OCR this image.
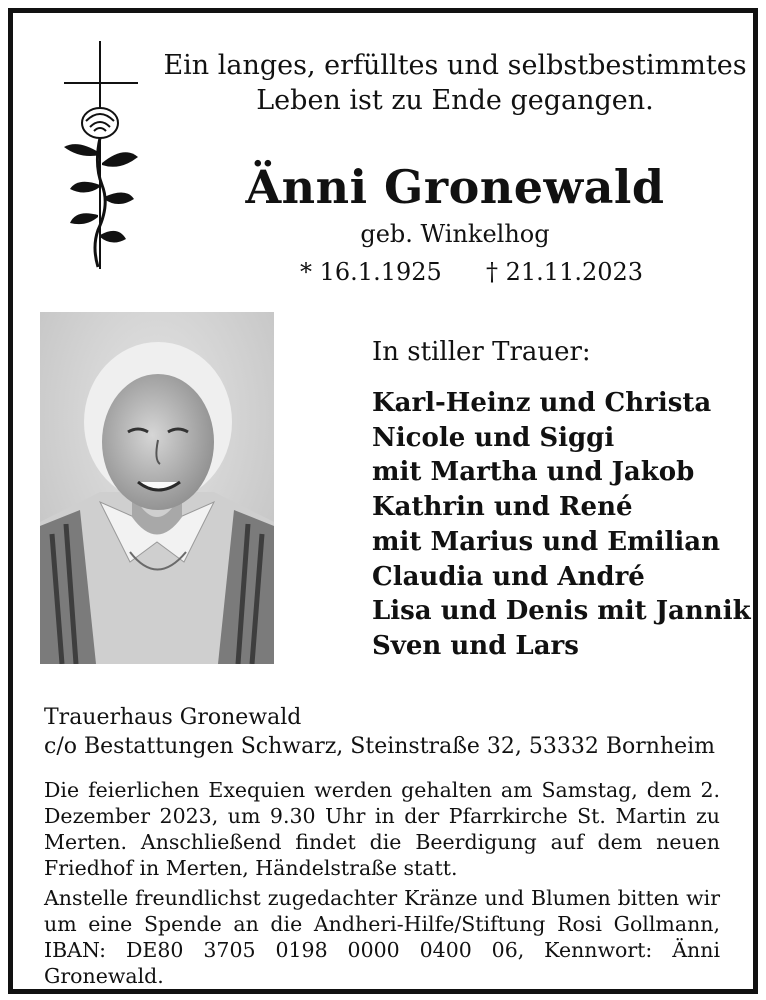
Ein langes, erfülltes und selbstbestimmtes
Leben ist zu Ende gegangen.
Änni Gronewald
geb. Winkelhog
* 16.1.1925 † 21.11.2023
In stiller Trauer:
Karl-Heinz und Christa
Nicole und Siggi
mit Martha und Jakob
Kathrin und René
mit Marius und Emilian
Claudia und André
Lisa und Denis mit Jannik
Sven und Lars
Trauerhaus Gronewald
c/o Bestattungen Schwarz, Steinstraße 32, 53332 Bornheim

Die feierlichen Exequien werden gehalten am Samstag, dem 2. Dezember 2023, um 9.30 Uhr in der Pfarrkirche St. Martin zu Merten. Anschließend findet die Beerdigung auf dem neuen Friedhof in Merten, Händelstraße statt.

Anstelle freundlichst zugedachter Kränze und Blumen bitten wir um eine Spende an die Andheri-Hilfe/Stiftung Rosi Gollmann, IBAN: DE80 3705 0198 0000 0400 06, Kennwort: Änni Gronewald.
